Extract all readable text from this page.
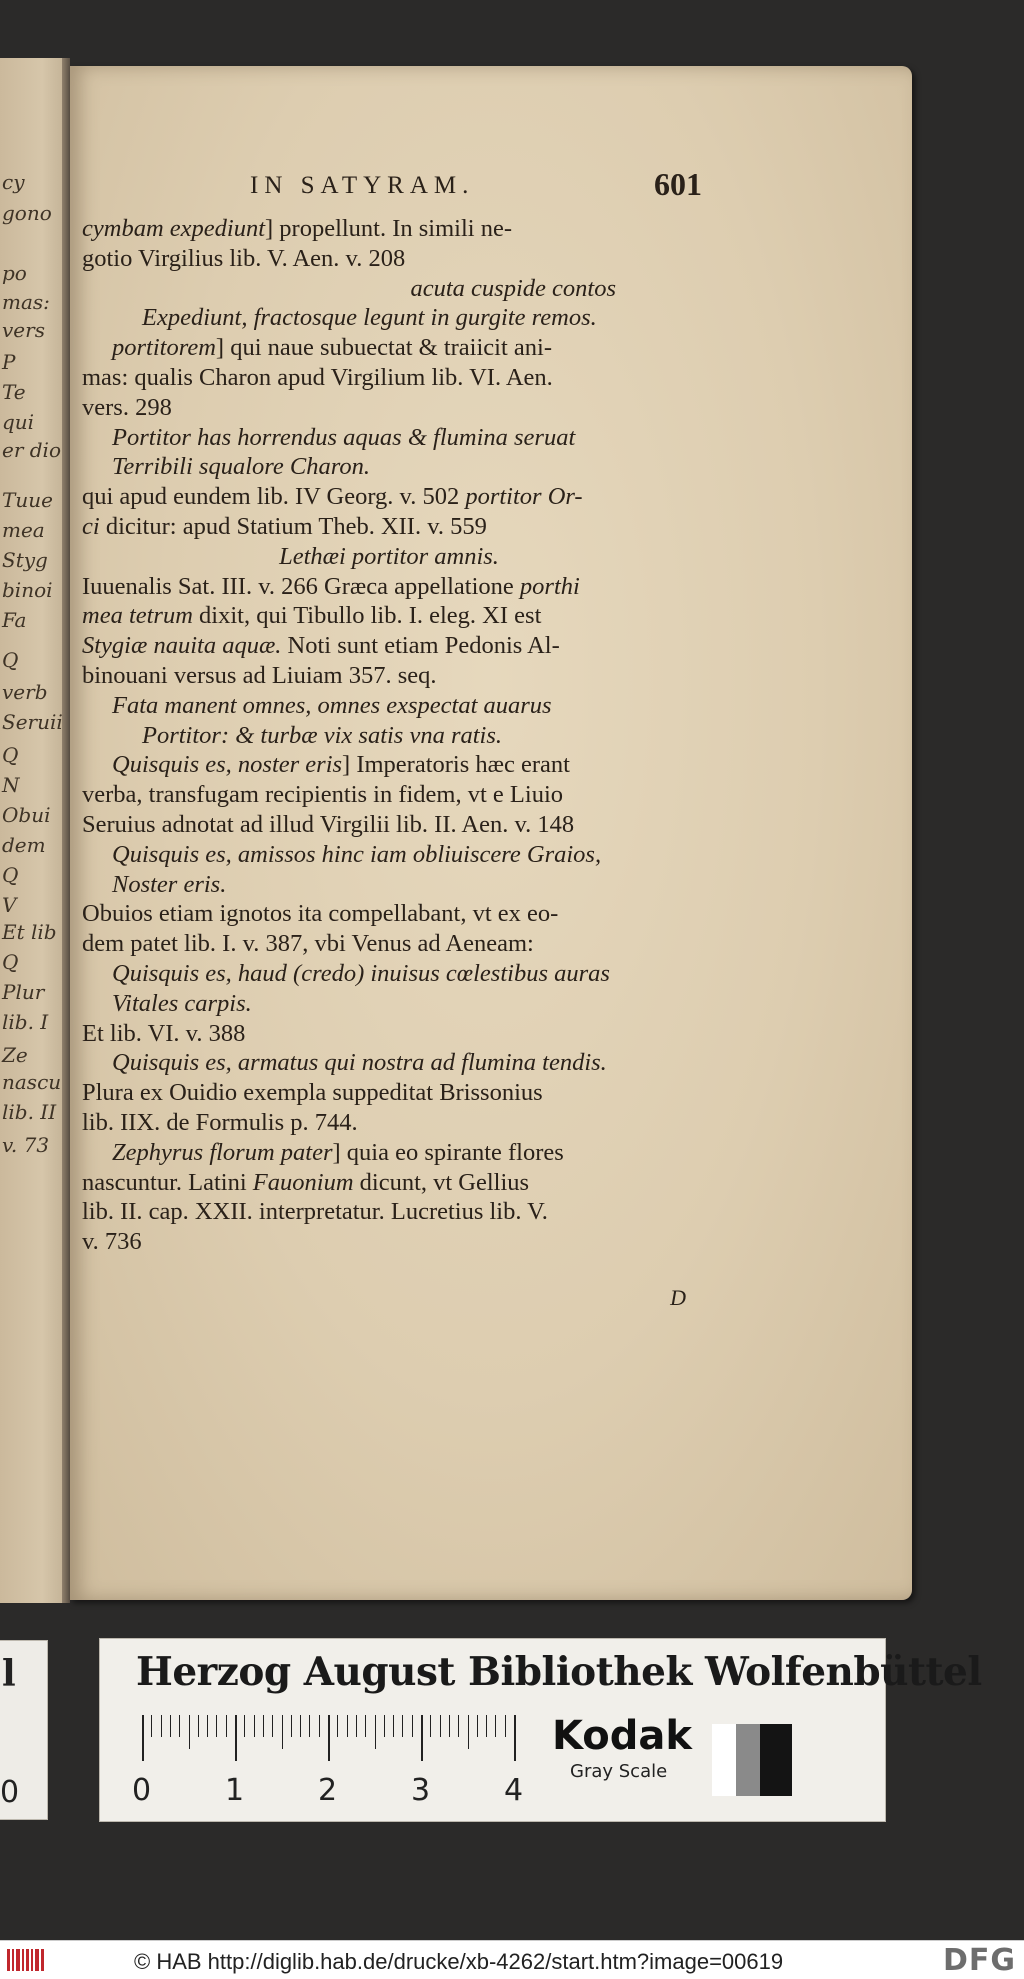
cy
gono
po
mas:
vers
P
Te
qui
er dio
Tuue
mea
Styg
binoi
Fa
Q
verb
Seruii
Q
N
Obui
dem
Q
V
Et lib
Q
Plur
lib. I
Ze
nascu
lib. II
v. 73
IN SATYRAM.	601
cymbam expediunt] propellunt. In simili ne-
gotio Virgilius lib. V. Aen. v. 208
acuta cuspide contos
Expediunt, fractosque legunt in gurgite remos.
portitorem] qui naue subuectat & traiicit ani-
mas: qualis Charon apud Virgilium lib. VI. Aen.
vers. 298
Portitor has horrendus aquas & flumina seruat
Terribili squalore Charon.
qui apud eundem lib. IV Georg. v. 502 portitor Or-
ci dicitur: apud Statium Theb. XII. v. 559
Lethæi portitor amnis.
Iuuenalis Sat. III. v. 266 Græca appellatione porthi
mea tetrum dixit, qui Tibullo lib. I. eleg. XI est
Stygiæ nauita aquæ. Noti sunt etiam Pedonis Al-
binouani versus ad Liuiam 357. seq.
Fata manent omnes, omnes exspectat auarus
Portitor: & turbæ vix satis vna ratis.
Quisquis es, noster eris] Imperatoris hæc erant
verba, transfugam recipientis in fidem, vt e Liuio
Seruius adnotat ad illud Virgilii lib. II. Aen. v. 148
Quisquis es, amissos hinc iam obliuiscere Graios,
Noster eris.
Obuios etiam ignotos ita compellabant, vt ex eo-
dem patet lib. I. v. 387, vbi Venus ad Aeneam:
Quisquis es, haud (credo) inuisus cœlestibus auras
Vitales carpis.
Et lib. VI. v. 388
Quisquis es, armatus qui nostra ad flumina tendis.
Plura ex Ouidio exempla suppeditat Brissonius
lib. IIX. de Formulis p. 744.
Zephyrus florum pater] quia eo spirante flores
nascuntur. Latini Fauonium dicunt, vt Gellius
lib. II. cap. XXII. interpretatur. Lucretius lib. V.
v. 736
D
l
0
Herzog August Bibliothek Wolfenbüttel
0 1 2 3 4
Kodak
Gray Scale
© HAB http://diglib.hab.de/drucke/xb-4262/start.htm?image=00619	DFG
